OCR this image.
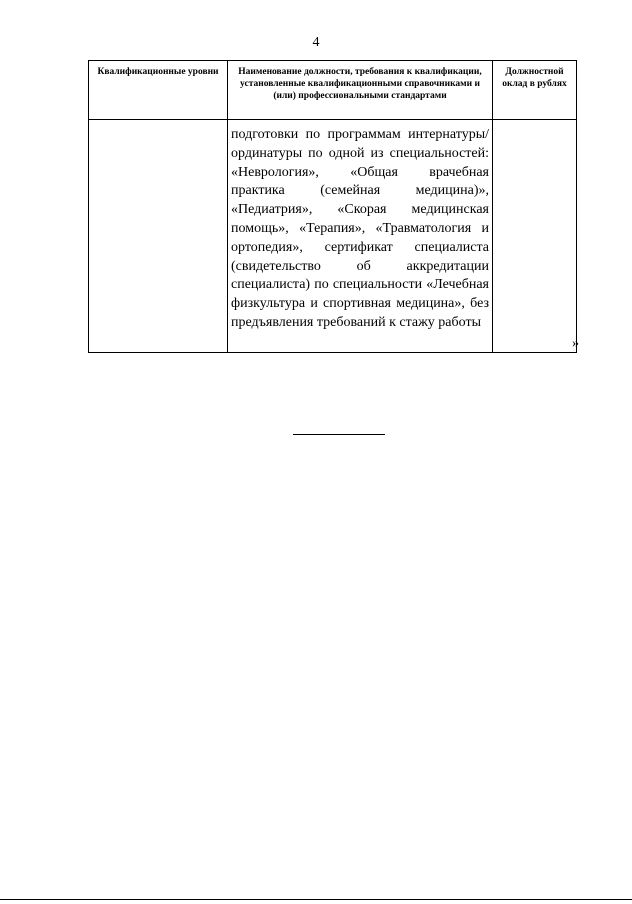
4
Квалификационные уровни	Наименование должности, требования к квалификации, установленные квалификационными справочниками и (или) профессиональными стандартами	Должностной оклад в рублях

	подготовки по программам интернатуры/ординатуры по одной из специальностей: «Неврология», «Общая врачебная практика (семейная медицина)», «Педиатрия», «Скорая медицинская помощь», «Терапия», «Травматология и ортопедия», сертификат специалиста (свидетельство об аккредитации специалиста) по специальности «Лечебная физкультура и спортивная медицина», без предъявления требований к стажу работы	

»
